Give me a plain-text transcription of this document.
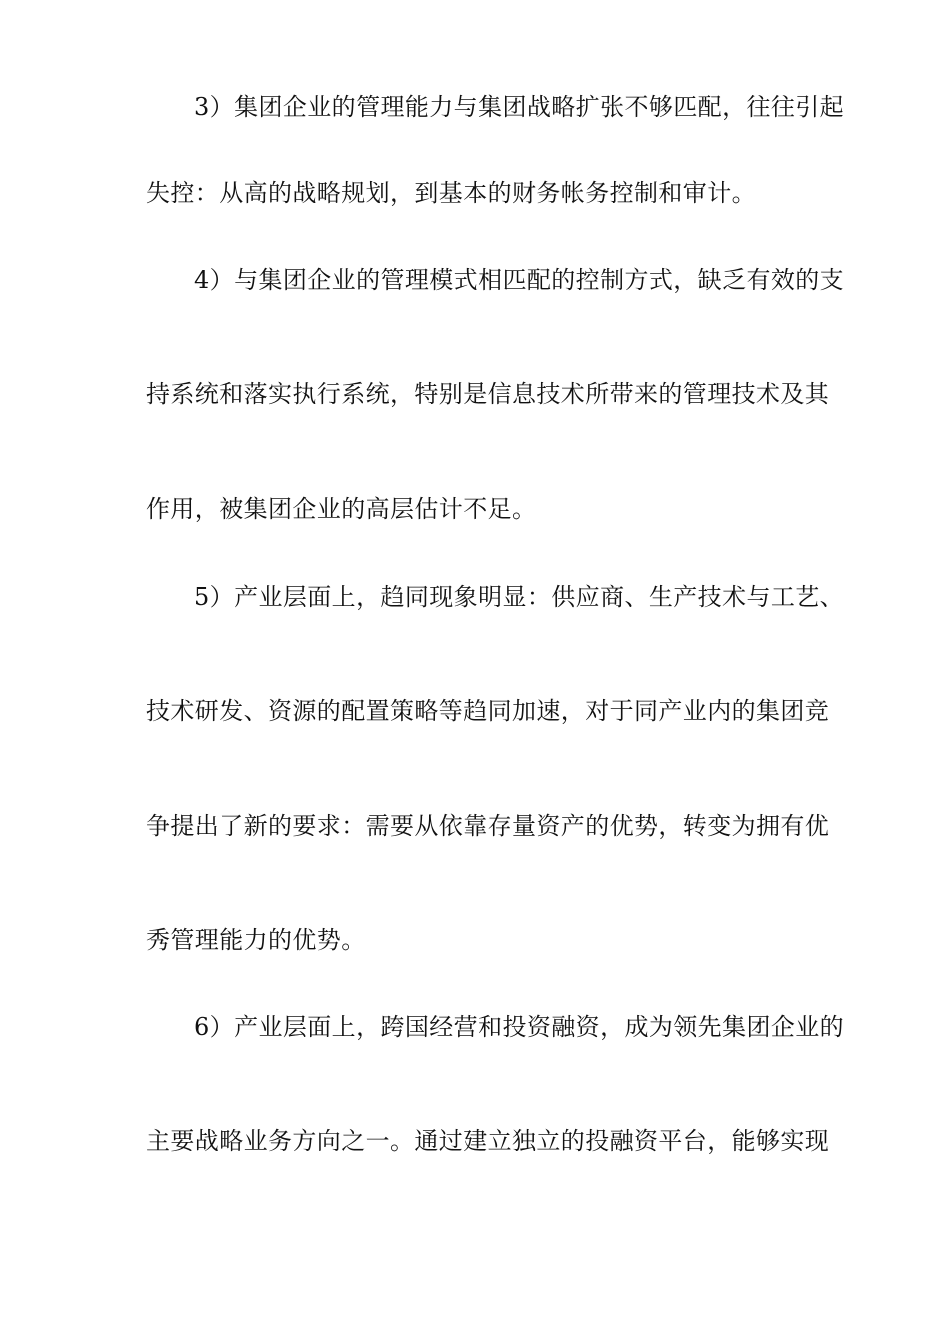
3）集团企业的管理能力与集团战略扩张不够匹配，往往引起
失控：从高的战略规划，到基本的财务帐务控制和审计。
4）与集团企业的管理模式相匹配的控制方式，缺乏有效的支
持系统和落实执行系统，特别是信息技术所带来的管理技术及其
作用，被集团企业的高层估计不足。
5）产业层面上，趋同现象明显：供应商、生产技术与工艺、
技术研发、资源的配置策略等趋同加速，对于同产业内的集团竞
争提出了新的要求：需要从依靠存量资产的优势，转变为拥有优
秀管理能力的优势。
6）产业层面上，跨国经营和投资融资，成为领先集团企业的
主要战略业务方向之一。通过建立独立的投融资平台，能够实现
